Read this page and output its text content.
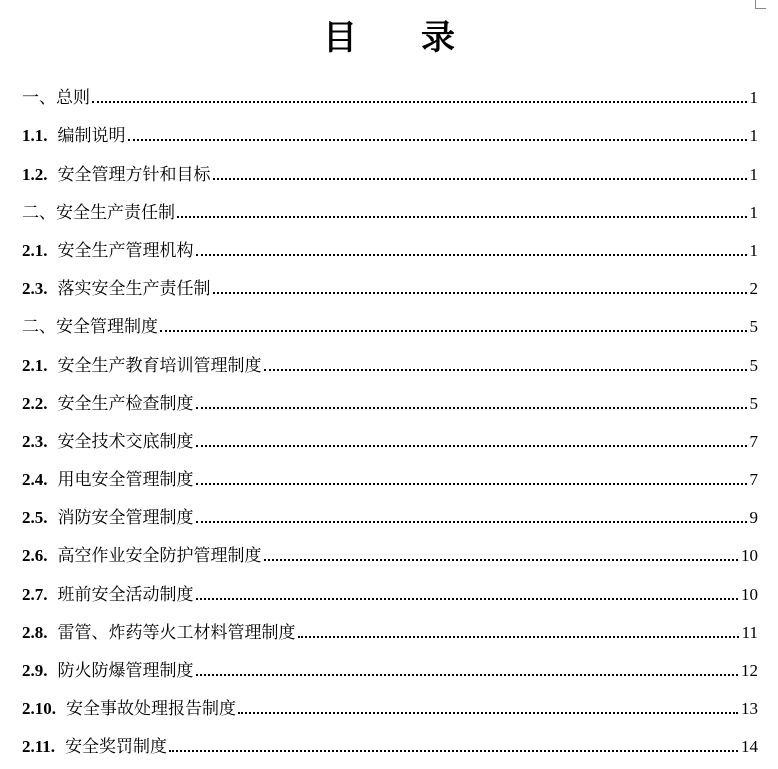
目 录
一、 总则	1
1.1. 编制说明	1
1.2. 安全管理方针和目标	1
二、 安全生产责任制	1
2.1. 安全生产管理机构	1
2.3. 落实安全生产责任制	2
二、 安全管理制度	5
2.1. 安全生产教育培训管理制度	5
2.2. 安全生产检查制度	5
2.3. 安全技术交底制度	7
2.4. 用电安全管理制度	7
2.5. 消防安全管理制度	9
2.6. 高空作业安全防护管理制度	10
2.7. 班前安全活动制度	10
2.8. 雷管、炸药等火工材料管理制度	11
2.9. 防火防爆管理制度	12
2.10. 安全事故处理报告制度	13
2.11. 安全奖罚制度	14
